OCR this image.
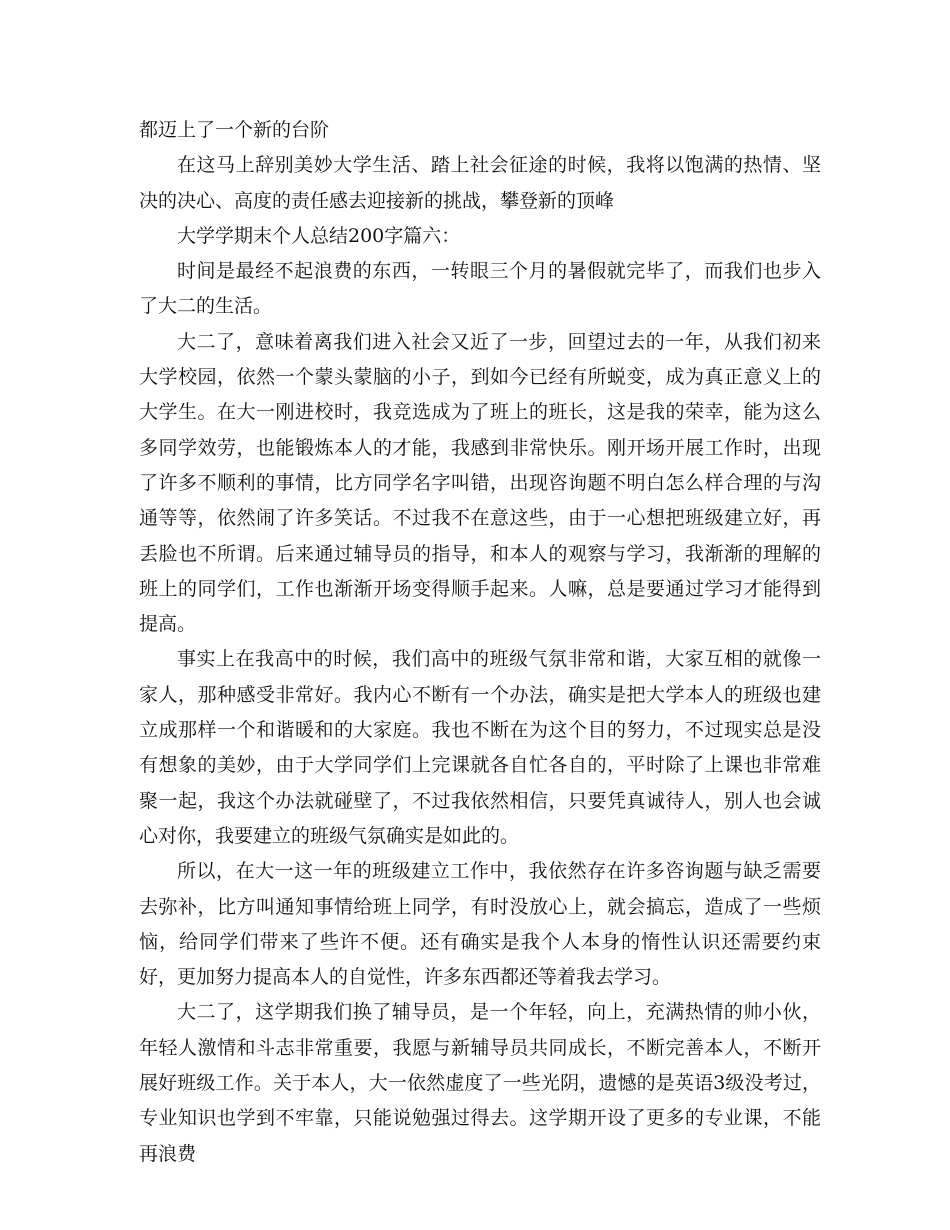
都迈上了一个新的台阶

在这马上辞别美妙大学生活、踏上社会征途的时候，我将以饱满的热情、坚决的决心、高度的责任感去迎接新的挑战，攀登新的顶峰

大学学期末个人总结200字篇六：

时间是最经不起浪费的东西，一转眼三个月的暑假就完毕了，而我们也步入了大二的生活。

大二了，意味着离我们进入社会又近了一步，回望过去的一年，从我们初来大学校园，依然一个蒙头蒙脑的小子，到如今已经有所蜕变，成为真正意义上的大学生。在大一刚进校时，我竞选成为了班上的班长，这是我的荣幸，能为这么多同学效劳，也能锻炼本人的才能，我感到非常快乐。刚开场开展工作时，出现了许多不顺利的事情，比方同学名字叫错，出现咨询题不明白怎么样合理的与沟通等等，依然闹了许多笑话。不过我不在意这些，由于一心想把班级建立好，再丢脸也不所谓。后来通过辅导员的指导，和本人的观察与学习，我渐渐的理解的班上的同学们，工作也渐渐开场变得顺手起来。人嘛，总是要通过学习才能得到提高。

事实上在我高中的时候，我们高中的班级气氛非常和谐，大家互相的就像一家人，那种感受非常好。我内心不断有一个办法，确实是把大学本人的班级也建立成那样一个和谐暖和的大家庭。我也不断在为这个目的努力，不过现实总是没有想象的美妙，由于大学同学们上完课就各自忙各自的，平时除了上课也非常难聚一起，我这个办法就碰壁了，不过我依然相信，只要凭真诚待人，别人也会诚心对你，我要建立的班级气氛确实是如此的。

所以，在大一这一年的班级建立工作中，我依然存在许多咨询题与缺乏需要去弥补，比方叫通知事情给班上同学，有时没放心上，就会搞忘，造成了一些烦恼，给同学们带来了些许不便。还有确实是我个人本身的惰性认识还需要约束好，更加努力提高本人的自觉性，许多东西都还等着我去学习。

大二了，这学期我们换了辅导员，是一个年轻，向上，充满热情的帅小伙，年轻人激情和斗志非常重要，我愿与新辅导员共同成长，不断完善本人，不断开展好班级工作。关于本人，大一依然虚度了一些光阴，遗憾的是英语3级没考过，专业知识也学到不牢靠，只能说勉强过得去。这学期开设了更多的专业课，不能再浪费
